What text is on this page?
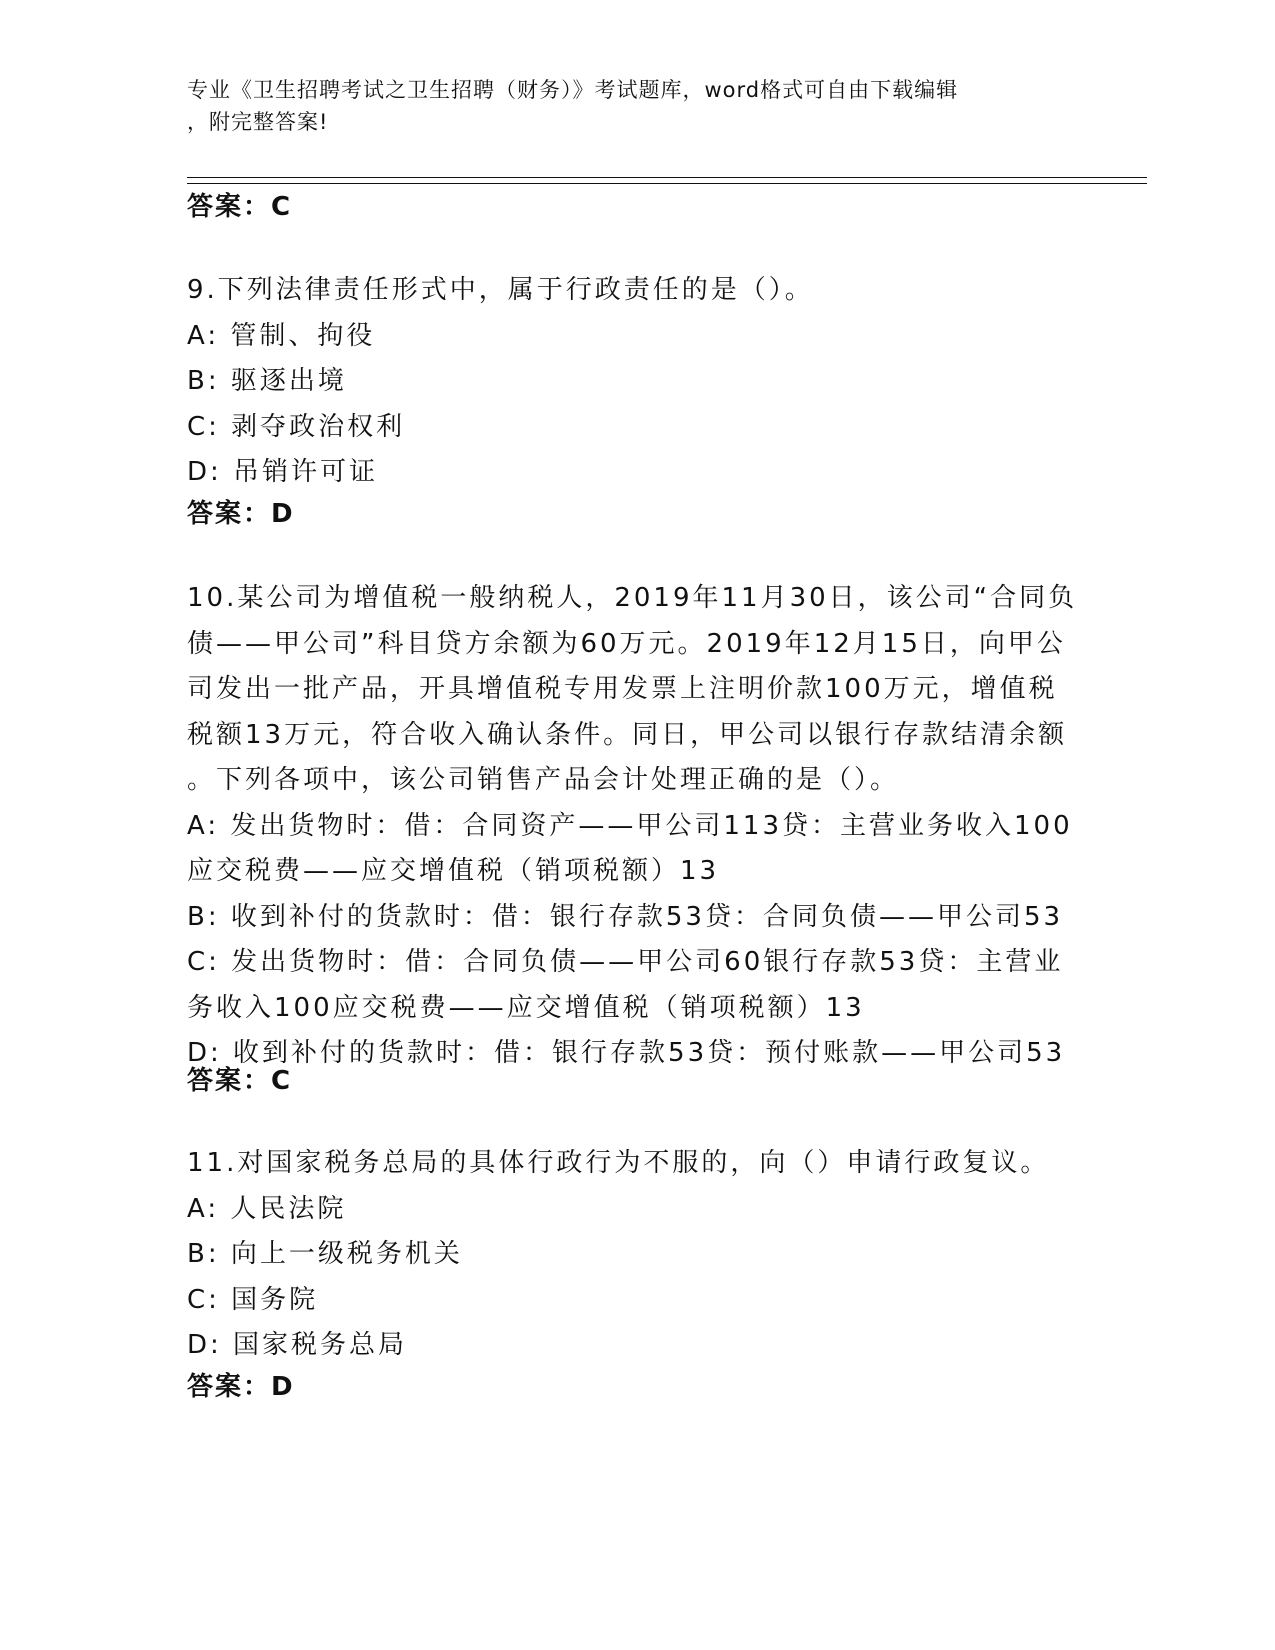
专业《卫生招聘考试之卫生招聘（财务）》考试题库，word格式可自由下载编辑
，附完整答案!
答案：C
9.下列法律责任形式中，属于行政责任的是（）。
A: 管制、拘役
B: 驱逐出境
C: 剥夺政治权利
D: 吊销许可证
答案：D
10.某公司为增值税一般纳税人，2019年11月30日，该公司“合同负
债——甲公司”科目贷方余额为60万元。2019年12月15日，向甲公
司发出一批产品，开具增值税专用发票上注明价款100万元，增值税
税额13万元，符合收入确认条件。同日，甲公司以银行存款结清余额
。下列各项中，该公司销售产品会计处理正确的是（）。
A: 发出货物时：借：合同资产——甲公司113贷：主营业务收入100
应交税费——应交增值税（销项税额）13
B: 收到补付的货款时：借：银行存款53贷：合同负债——甲公司53
C: 发出货物时：借：合同负债——甲公司60银行存款53贷：主营业
务收入100应交税费——应交增值税（销项税额）13
D: 收到补付的货款时：借：银行存款53贷：预付账款——甲公司53
答案：C
11.对国家税务总局的具体行政行为不服的，向（）申请行政复议。
A: 人民法院
B: 向上一级税务机关
C: 国务院
D: 国家税务总局
答案：D
